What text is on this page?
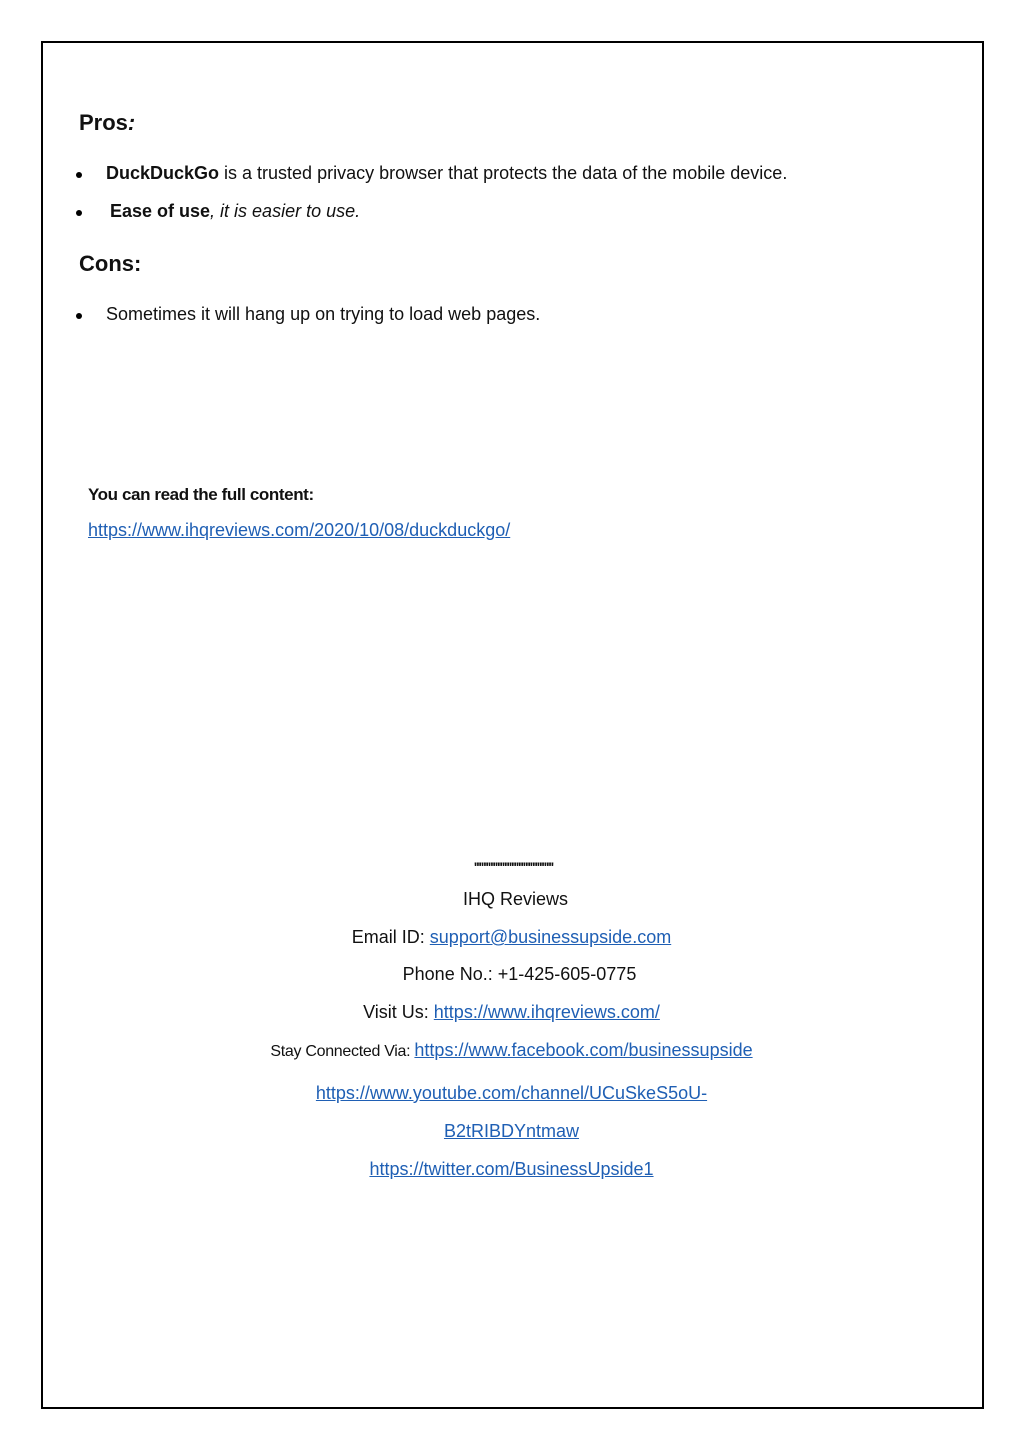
Pros:
DuckDuckGo is a trusted privacy browser that protects the data of the mobile device.
Ease of use, it is easier to use.
Cons:
Sometimes it will hang up on trying to load web pages.
You can read the full content:
https://www.ihqreviews.com/2020/10/08/duckduckgo/
''''''''''''''''''''''''''''''''''
IHQ Reviews
Email ID: support@businessupside.com
Phone No.: +1-425-605-0775
Visit Us: https://www.ihqreviews.com/
Stay Connected Via: https://www.facebook.com/businessupside
https://www.youtube.com/channel/UCuSkeS5oU-
B2tRIBDYntmaw
https://twitter.com/BusinessUpside1
